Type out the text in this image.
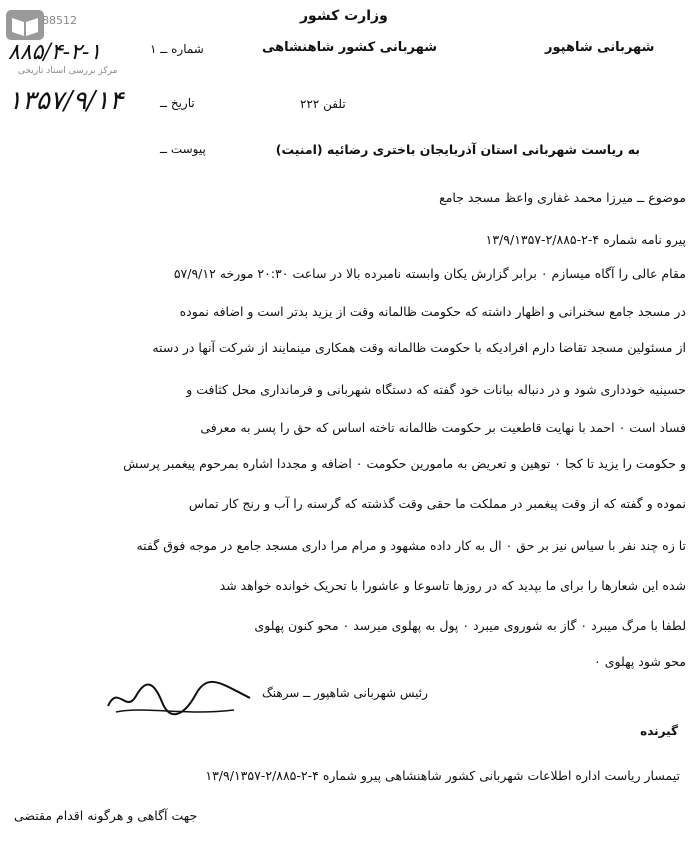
88512
مرکز بررسی اسناد تاریخی
وزارت کشور
شهربانی کشور شاهنشاهی
تلفن ۲۲۲
شهربانی شاهپور
شماره ــ ۱
۸۸۵/۴-۲-۱
تاریخ ــ
۱۳۵۷/۹/۱۴
پیوست ــ	به ریاست شهربانی استان آذربایجان باختری رضائیه (امنیت)
موضوع ــ میرزا محمد غفاری واعظ مسجد جامع
پیرو نامه شماره ۴-۲-۲/۸۸۵-۱۳/۹/۱۳۵۷
مقام عالی را آگاه میسازم ۰ برابر گزارش یکان وابسته نامبرده بالا در ساعت ۲۰:۳۰ مورخه ۵۷/۹/۱۲
در مسجد جامع سخنرانی و اظهار داشته که حکومت ظالمانه وقت از یزید بدتر است و اضافه نموده
از مسئولین مسجد تقاضا دارم افرادیکه با حکومت ظالمانه وقت همکاری مینمایند از شرکت آنها در دسته
حسینیه خودداری شود و در دنباله بیانات خود گفته که دستگاه شهربانی و فرمانداری محل کثافت و
فساد است ۰ احمد با نهایت قاطعیت بر حکومت ظالمانه تاخته اساس که حق را پسر به معرفی
و حکومت را یزید تا کجا ۰ توهین و تعریض به مامورین حکومت ۰ اضافه و مجددا اشاره بمرحوم پیغمبر پرسش
نموده و گفته که از وقت پیغمبر در مملکت ما حقی وقت گذشته که گرسنه را آب و رنج کار تماس
تا زه چند نفر با سیاس نیز بر حق ۰ ال به کار داده مشهود و مرام مرا داری مسجد جامع در موجه فوق گفته
شده این شعارها را برای ما بپدید که در روزها تاسوعا و عاشورا با تحریک خوانده خواهد شد
لطفا با مرگ میبرد ۰ گاز به شوروی میبرد ۰ پول به پهلوی میرسد ۰ محو کنون پهلوی
محو شود پهلوی ۰
رئیس شهربانی شاهپور ــ سرهنگ
گیرنده
تیمسار ریاست اداره اطلاعات شهربانی کشور شاهنشاهی پیرو شماره ۴-۲-۲/۸۸۵-۱۳/۹/۱۳۵۷
جهت آگاهی و هرگونه اقدام مقتضی
